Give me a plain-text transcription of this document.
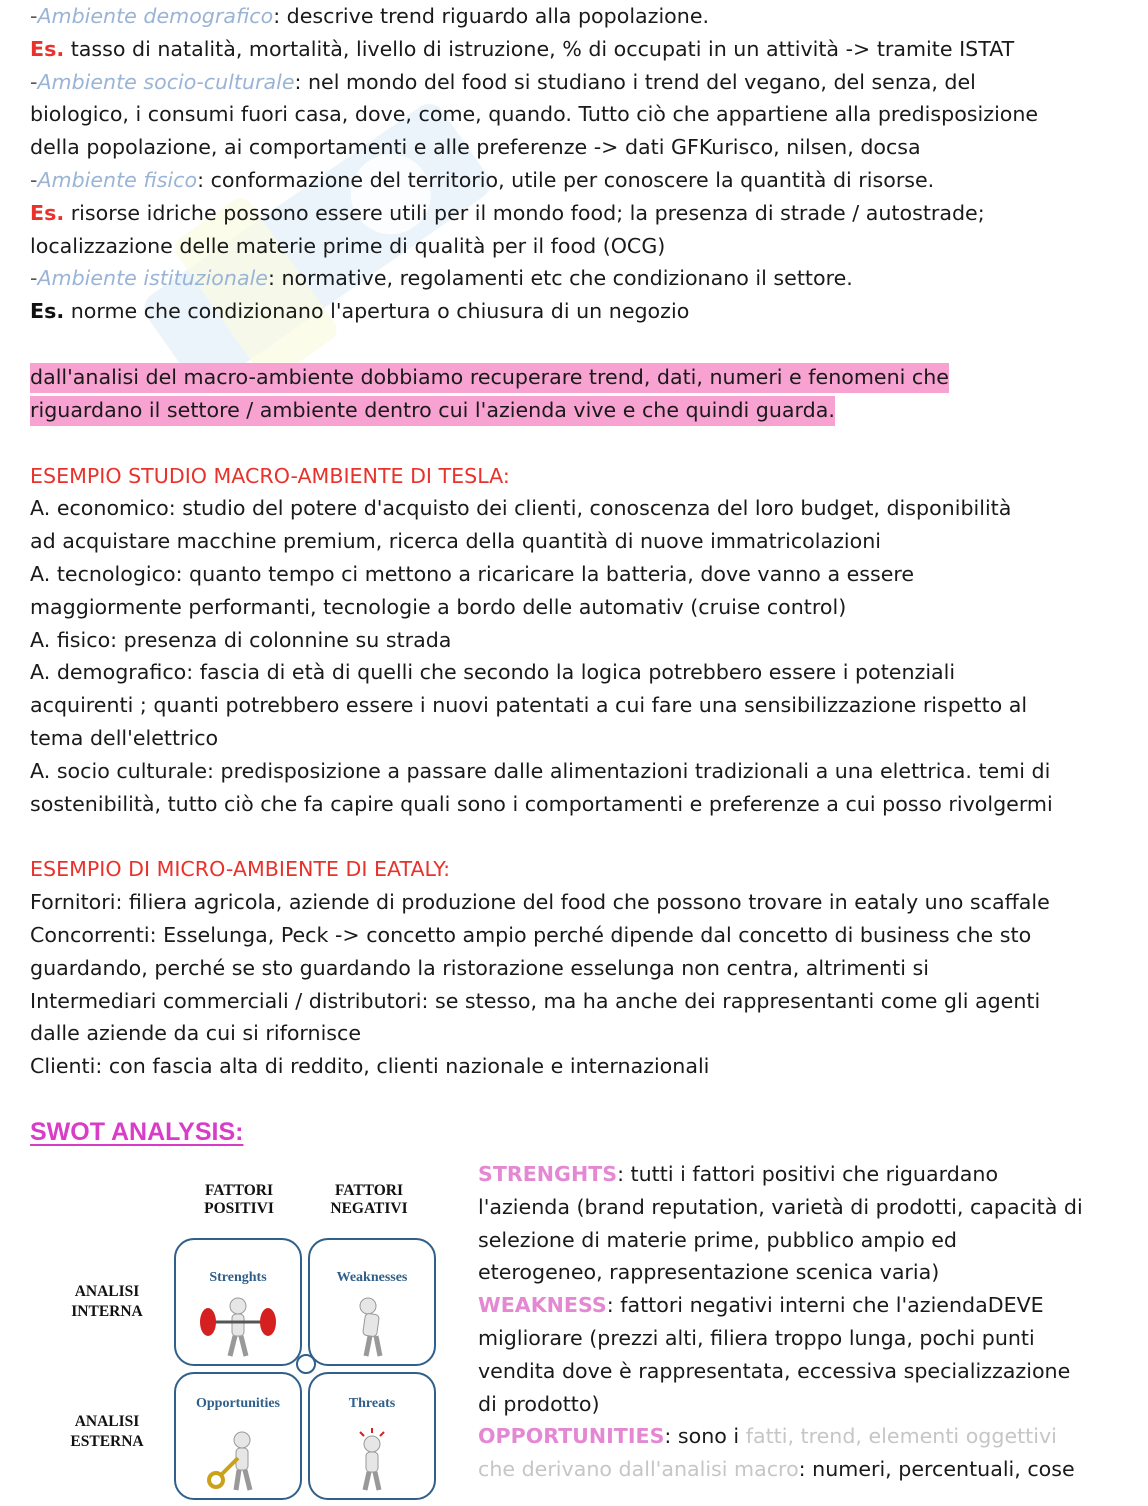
-Ambiente demografico: descrive trend riguardo alla popolazione.
Es. tasso di natalità, mortalità, livello di istruzione, % di occupati in un attività -> tramite ISTAT
-Ambiente socio-culturale: nel mondo del food si studiano i trend del vegano, del senza, del
biologico, i consumi fuori casa, dove, come, quando. Tutto ciò che appartiene alla predisposizione
della popolazione, ai comportamenti e alle preferenze -> dati GFKurisco, nilsen, docsa
-Ambiente fisico: conformazione del territorio, utile per conoscere la quantità di risorse.
Es. risorse idriche possono essere utili per il mondo food; la presenza di strade / autostrade;
localizzazione delle materie prime di qualità per il food (OCG)
-Ambiente istituzionale: normative, regolamenti etc che condizionano il settore.
Es. norme che condizionano l'apertura o chiusura di un negozio
dall'analisi del macro-ambiente dobbiamo recuperare trend, dati, numeri e fenomeni che
riguardano il settore / ambiente dentro cui l'azienda vive e che quindi guarda.
ESEMPIO STUDIO MACRO-AMBIENTE DI TESLA:
A. economico: studio del potere d'acquisto dei clienti, conoscenza del loro budget, disponibilità
ad acquistare macchine premium, ricerca della quantità di nuove immatricolazioni
A. tecnologico: quanto tempo ci mettono a ricaricare la batteria, dove vanno a essere
maggiormente performanti, tecnologie a bordo delle automativ (cruise control)
A. fisico: presenza di colonnine su strada
A. demografico: fascia di età di quelli che secondo la logica potrebbero essere i potenziali
acquirenti ; quanti potrebbero essere i nuovi patentati a cui fare una sensibilizzazione rispetto al
tema dell'elettrico
A. socio culturale: predisposizione a passare dalle alimentazioni tradizionali a una elettrica. temi di
sostenibilità, tutto ciò che fa capire quali sono i comportamenti e preferenze a cui posso rivolgermi
ESEMPIO DI MICRO-AMBIENTE DI EATALY:
Fornitori: filiera agricola, aziende di produzione del food che possono trovare in eataly uno scaffale
Concorrenti: Esselunga, Peck -> concetto ampio perché dipende dal concetto di business che sto
guardando, perché se sto guardando la ristorazione esselunga non centra, altrimenti si
Intermediari commerciali / distributori: se stesso, ma ha anche dei rappresentanti come gli agenti
dalle aziende da cui si rifornisce
Clienti: con fascia alta di reddito, clienti nazionale e internazionali
SWOT ANALYSIS:
FATTORI
POSITIVI
FATTORI
NEGATIVI
ANALISI
INTERNA
ANALISI
ESTERNA
Strenghts	Weaknesses
Opportunities	Threats
STRENGHTS: tutti i fattori positivi che riguardano
l'azienda (brand reputation, varietà di prodotti, capacità di
selezione di materie prime, pubblico ampio ed
eterogeneo, rappresentazione scenica varia)
WEAKNESS: fattori negativi interni che l'aziendaDEVE
migliorare (prezzi alti, filiera troppo lunga, pochi punti
vendita dove è rappresentata, eccessiva specializzazione
di prodotto)
OPPORTUNITIES: sono i fatti, trend, elementi oggettivi
che derivano dall'analisi macro: numeri, percentuali, cose
